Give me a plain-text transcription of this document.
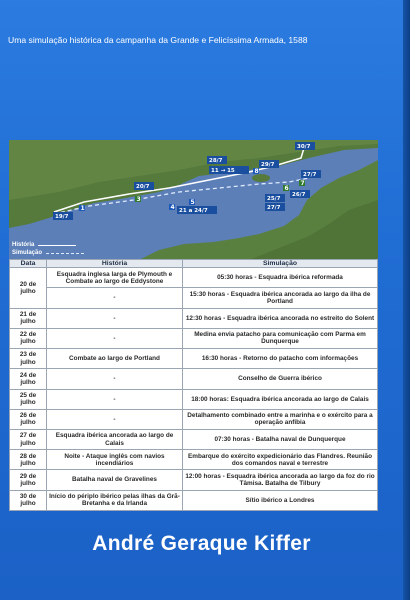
Uma simulação histórica da campanha da Grande e Felicíssima Armada, 1588
1
3
4
5
8
6
7
30/7
29/7
11 → 15
28/7
27/7
26/7
25/7
27/7
21 a 24/7
19/7
20/7
História
Simulação
Data	História	Simulação
20 de julho	Esquadra inglesa larga de Plymouth e Combate ao largo de Eddystone	05:30 horas - Esquadra ibérica reformada
	-	15:30 horas - Esquadra ibérica ancorada ao largo da ilha de Portland
21 de julho	-	12:30 horas - Esquadra ibérica ancorada no estreito do Solent
22 de julho	-	Medina envia patacho para comunicação com Parma em Dunquerque
23 de julho	Combate ao largo de Portland	16:30 horas - Retorno do patacho com informações
24 de julho	-	Conselho de Guerra ibérico
25 de julho	-	18:00 horas: Esquadra ibérica ancorada ao largo de Calais
26 de julho	-	Detalhamento combinado entre a marinha e o exército para a operação anfíbia
27 de julho	Esquadra ibérica ancorada ao largo de Calais	07:30 horas - Batalha naval de Dunquerque
28 de julho	Noite - Ataque inglês com navios incendiários	Embarque do exército expedicionário das Flandres. Reunião dos comandos naval e terrestre
29 de julho	Batalha naval de Gravelines	12:00 horas - Esquadra ibérica ancorada ao largo da foz do rio Tâmisa. Batalha de Tilbury
30 de julho	Início do périplo ibérico pelas ilhas da Grã-Bretanha e da Irlanda	Sítio ibérico a Londres
André Geraque Kiffer
